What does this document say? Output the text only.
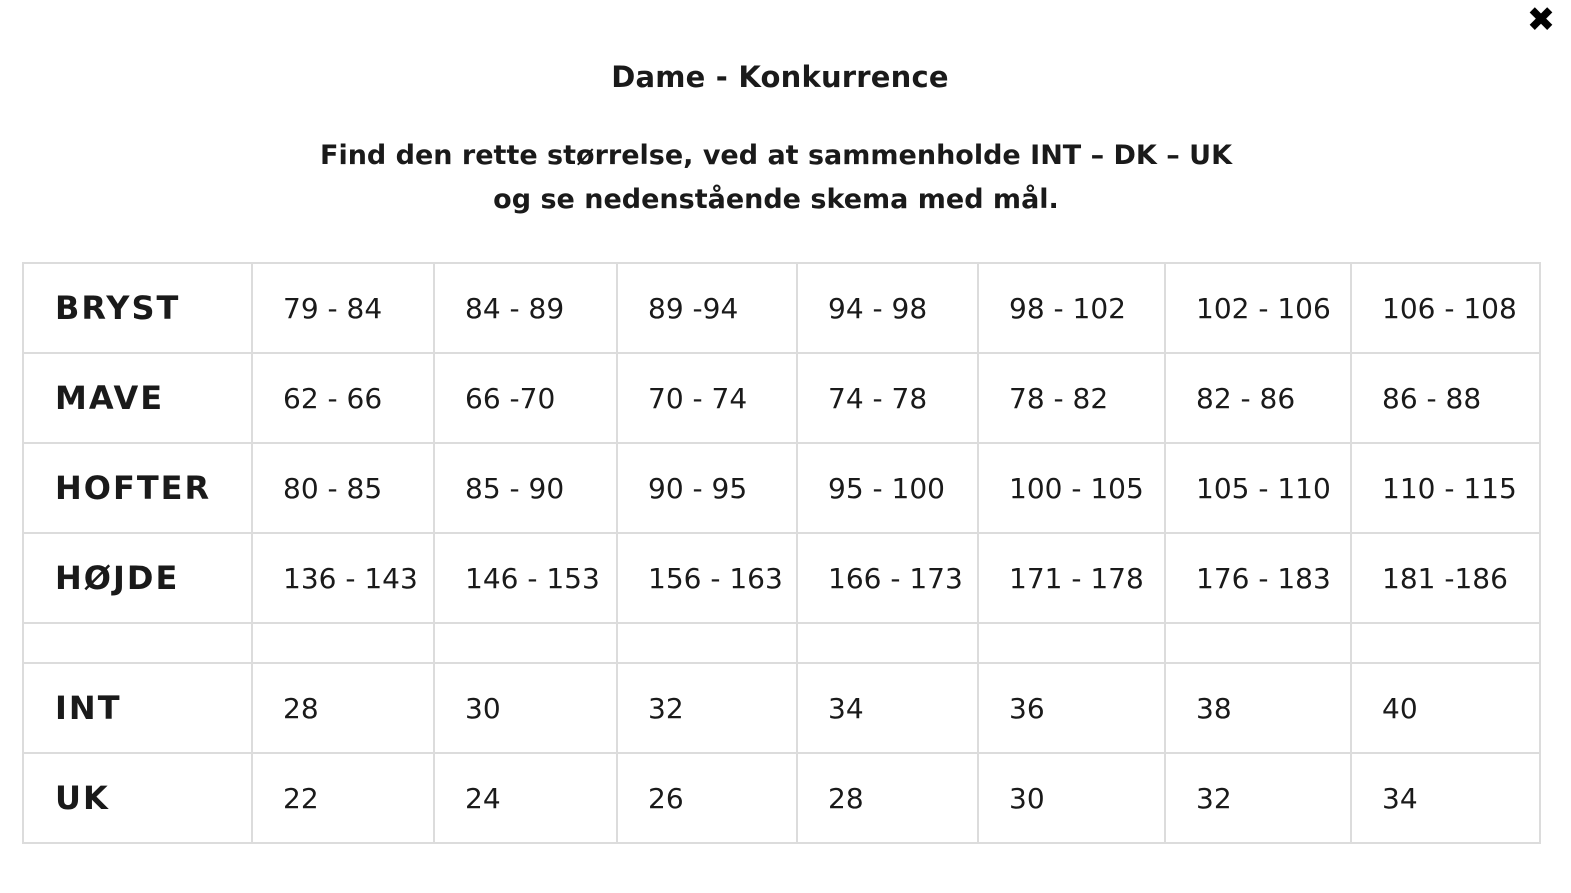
✖
Dame - Konkurrence
Find den rette størrelse, ved at sammenholde INT – DK – UK
og se nedenstående skema med mål.
BRYST	79 - 84	84 - 89	89 -94	94 - 98	98 - 102	102 - 106	106 - 108
MAVE	62 - 66	66 -70	70 - 74	74 - 78	78 - 82	82 - 86	86 - 88
HOFTER	80 - 85	85 - 90	90 - 95	95 - 100	100 - 105	105 - 110	110 - 115
HØJDE	136 - 143	146 - 153	156 - 163	166 - 173	171 - 178	176 - 183	181 -186

INT	28	30	32	34	36	38	40
UK	22	24	26	28	30	32	34
